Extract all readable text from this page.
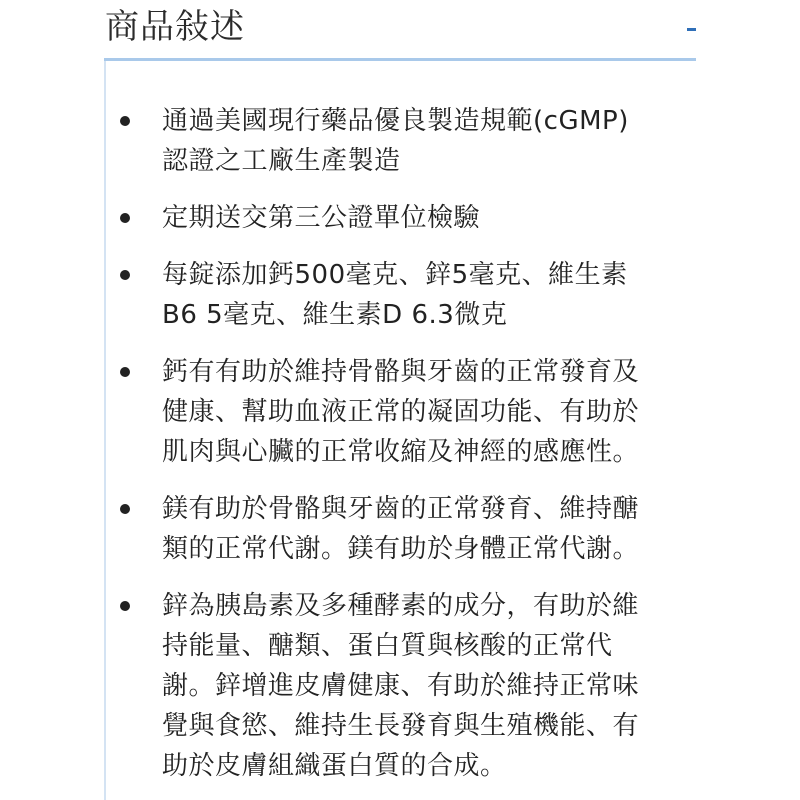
商品敍述
通過美國現行藥品優良製造規範(cGMP)
認證之工廠生產製造
定期送交第三公證單位檢驗
每錠添加鈣500毫克、鋅5毫克、維生素
B6 5毫克、維生素D 6.3微克
鈣有有助於維持骨骼與牙齒的正常發育及
健康、幫助血液正常的凝固功能、有助於
肌肉與心臟的正常收縮及神經的感應性。
鎂有助於骨骼與牙齒的正常發育、維持醣
類的正常代謝。鎂有助於身體正常代謝。
鋅為胰島素及多種酵素的成分，有助於維
持能量、醣類、蛋白質與核酸的正常代
謝。鋅增進皮膚健康、有助於維持正常味
覺與食慾、維持生長發育與生殖機能、有
助於皮膚組織蛋白質的合成。
